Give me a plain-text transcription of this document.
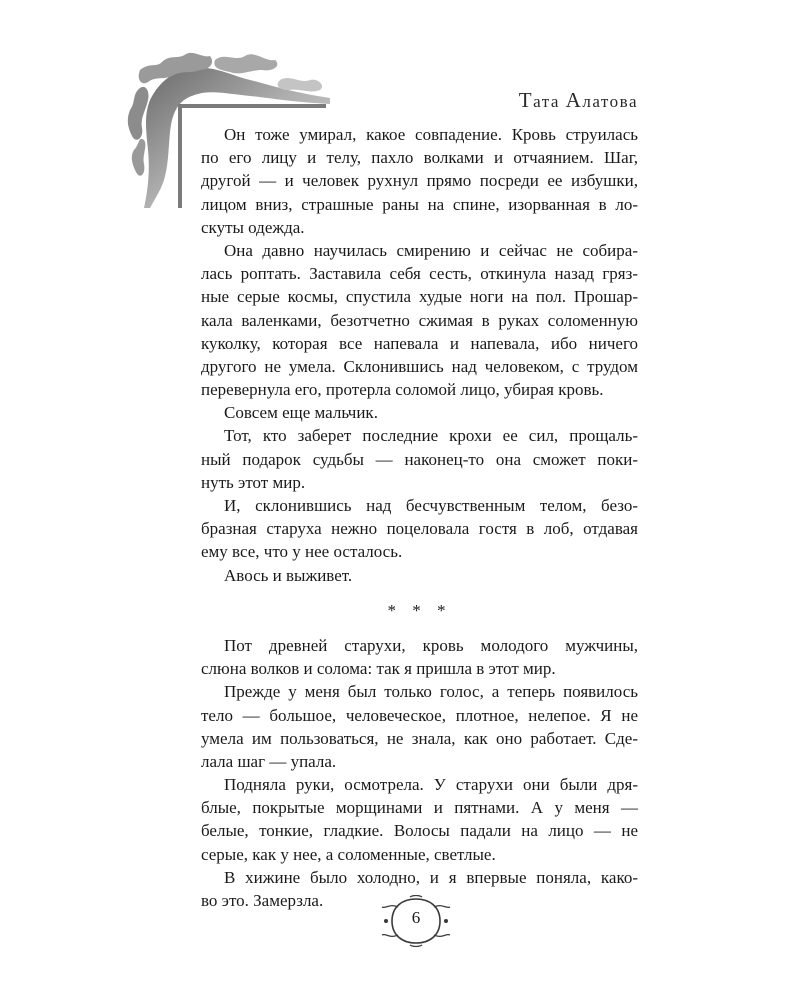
Тата Алатова
Он тоже умирал, какое совпадение. Кровь струилась
по его лицу и телу, пахло волками и отчаянием. Шаг,
другой — и человек рухнул прямо посреди ее избушки,
лицом вниз, страшные раны на спине, изорванная в ло-
скуты одежда.
Она давно научилась смирению и сейчас не собира-
лась роптать. Заставила себя сесть, откинула назад гряз-
ные серые космы, спустила худые ноги на пол. Прошар-
кала валенками, безотчетно сжимая в руках соломенную
куколку, которая все напевала и напевала, ибо ничего
другого не умела. Склонившись над человеком, с трудом
перевернула его, протерла соломой лицо, убирая кровь.
Совсем еще мальчик.
Тот, кто заберет последние крохи ее сил, прощаль-
ный подарок судьбы — наконец-то она сможет поки-
нуть этот мир.
И, склонившись над бесчувственным телом, безо-
бразная старуха нежно поцеловала гостя в лоб, отдавая
ему все, что у нее осталось.
Авось и выживет.
* * *
Пот древней старухи, кровь молодого мужчины,
слюна волков и солома: так я пришла в этот мир.
Прежде у меня был только голос, а теперь появилось
тело — большое, человеческое, плотное, нелепое. Я не
умела им пользоваться, не знала, как оно работает. Сде-
лала шаг — упала.
Подняла руки, осмотрела. У старухи они были дря-
блые, покрытые морщинами и пятнами. А у меня —
белые, тонкие, гладкие. Волосы падали на лицо — не
серые, как у нее, а соломенные, светлые.
В хижине было холодно, и я впервые поняла, како-
во это. Замерзла.
6
